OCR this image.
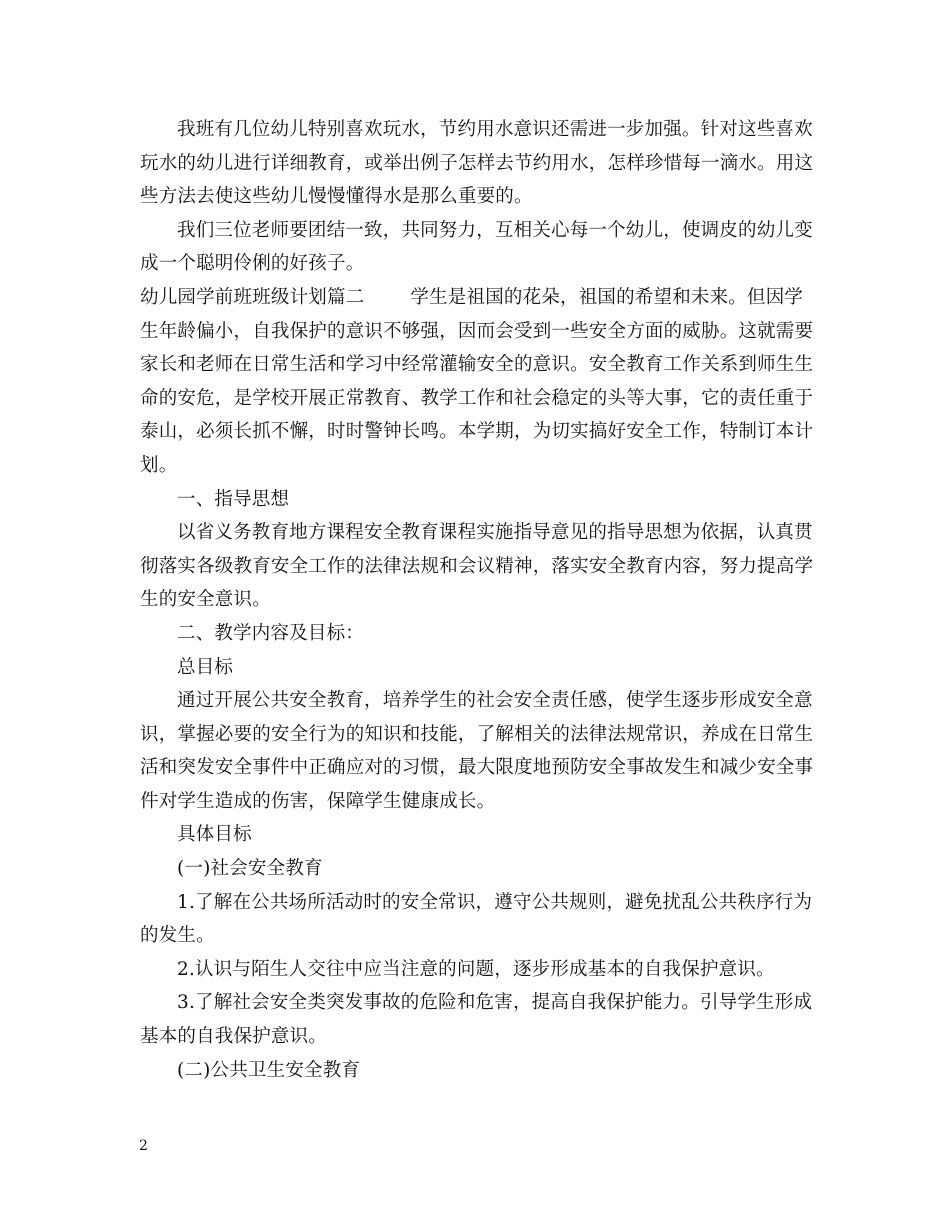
我班有几位幼儿特别喜欢玩水，节约用水意识还需进一步加强。针对这些喜欢玩水的幼儿进行详细教育，或举出例子怎样去节约用水，怎样珍惜每一滴水。用这些方法去使这些幼儿慢慢懂得水是那么重要的。

我们三位老师要团结一致，共同努力，互相关心每一个幼儿，使调皮的幼儿变成一个聪明伶俐的好孩子。

幼儿园学前班班级计划篇二 学生是祖国的花朵，祖国的希望和未来。但因学生年龄偏小，自我保护的意识不够强，因而会受到一些安全方面的威胁。这就需要家长和老师在日常生活和学习中经常灌输安全的意识。安全教育工作关系到师生生命的安危，是学校开展正常教育、教学工作和社会稳定的头等大事，它的责任重于泰山，必须长抓不懈，时时警钟长鸣。本学期，为切实搞好安全工作，特制订本计划。

一、指导思想

以省义务教育地方课程安全教育课程实施指导意见的指导思想为依据，认真贯彻落实各级教育安全工作的法律法规和会议精神，落实安全教育内容，努力提高学生的安全意识。

二、教学内容及目标：

总目标

通过开展公共安全教育，培养学生的社会安全责任感，使学生逐步形成安全意识，掌握必要的安全行为的知识和技能，了解相关的法律法规常识，养成在日常生活和突发安全事件中正确应对的习惯，最大限度地预防安全事故发生和减少安全事件对学生造成的伤害，保障学生健康成长。

具体目标

(一)社会安全教育

1.了解在公共场所活动时的安全常识，遵守公共规则，避免扰乱公共秩序行为的发生。

2.认识与陌生人交往中应当注意的问题，逐步形成基本的自我保护意识。

3.了解社会安全类突发事故的危险和危害，提高自我保护能力。引导学生形成基本的自我保护意识。

(二)公共卫生安全教育

2
